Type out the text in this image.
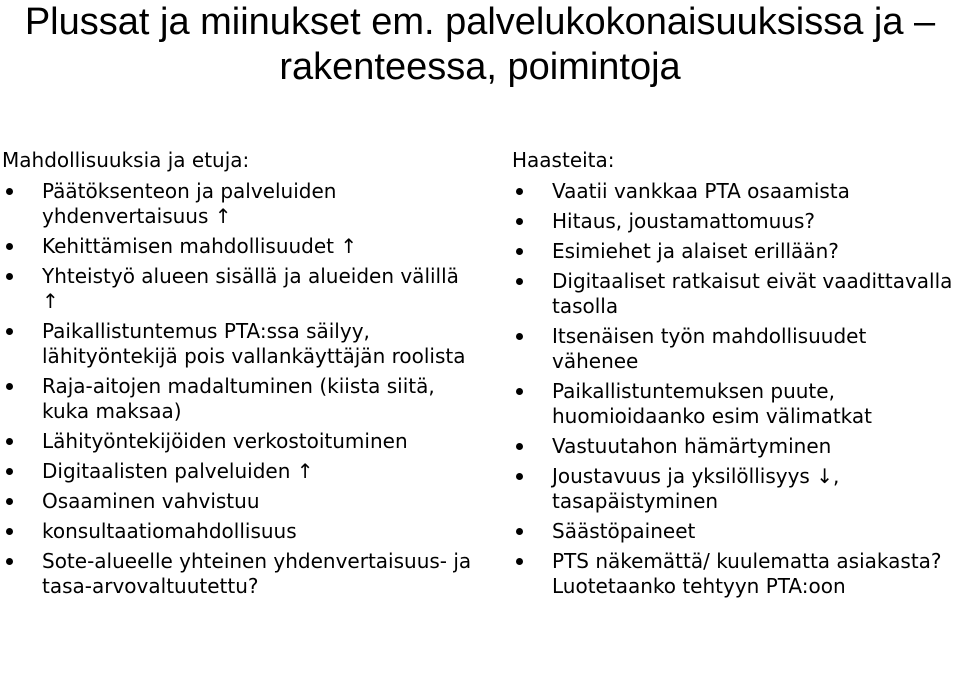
Plussat ja miinukset em. palvelukokonaisuuksissa ja –
rakenteessa, poimintoja
Mahdollisuuksia ja etuja:
Päätöksenteon ja palveluiden yhdenvertaisuus ↑
Kehittämisen mahdollisuudet ↑
Yhteistyö alueen sisällä ja alueiden välillä ↑
Paikallistuntemus PTA:ssa säilyy, lähityöntekijä pois vallankäyttäjän roolista
Raja-aitojen madaltuminen (kiista siitä, kuka maksaa)
Lähityöntekijöiden verkostoituminen
Digitaalisten palveluiden ↑
Osaaminen vahvistuu
konsultaatiomahdollisuus
Sote-alueelle yhteinen yhdenvertaisuus- ja tasa-arvovaltuutettu?
Haasteita:
Vaatii vankkaa PTA osaamista
Hitaus, joustamattomuus?
Esimiehet ja alaiset erillään?
Digitaaliset ratkaisut eivät vaadittavalla tasolla
Itsenäisen työn mahdollisuudet vähenee
Paikallistuntemuksen puute, huomioidaanko esim välimatkat
Vastuutahon hämärtyminen
Joustavuus ja yksilöllisyys ↓, tasapäistyminen
Säästöpaineet
PTS näkemättä/ kuulematta asiakasta? Luotetaanko tehtyyn PTA:oon
